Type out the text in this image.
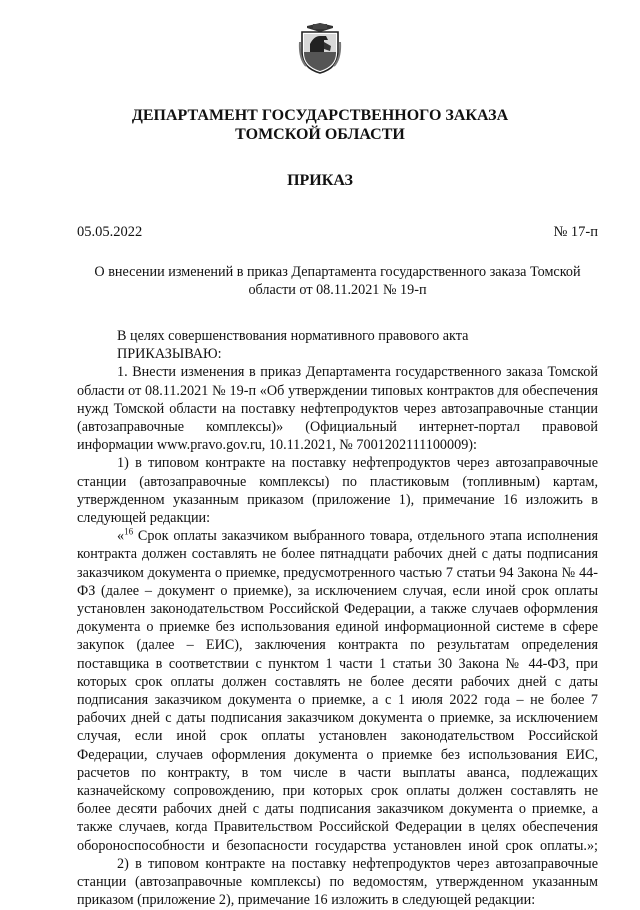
ДЕПАРТАМЕНТ ГОСУДАРСТВЕННОГО ЗАКАЗА
ТОМСКОЙ ОБЛАСТИ
ПРИКАЗ
05.05.2022	№ 17-п
О внесении изменений в приказ Департамента государственного заказа Томской
области от 08.11.2021 № 19-п

В целях совершенствования нормативного правового акта

ПРИКАЗЫВАЮ:

1. Внести изменения в приказ Департамента государственного заказа Томской области от 08.11.2021 № 19-п «Об утверждении типовых контрактов для обеспечения нужд Томской области на поставку нефтепродуктов через автозаправочные станции (автозаправочные комплексы)» (Официальный интернет-портал правовой информации www.pravo.gov.ru, 10.11.2021, № 7001202111100009):

1) в типовом контракте на поставку нефтепродуктов через автозаправочные станции (автозаправочные комплексы) по пластиковым (топливным) картам, утвержденном указанным приказом (приложение 1), примечание 16 изложить в следующей редакции:

«$^{16}$ Срок оплаты заказчиком выбранного товара, отдельного этапа исполнения контракта должен составлять не более пятнадцати рабочих дней с даты подписания заказчиком документа о приемке, предусмотренного частью 7 статьи 94 Закона № 44-ФЗ (далее – документ о приемке), за исключением случая, если иной срок оплаты установлен законодательством Российской Федерации, а также случаев оформления документа о приемке без использования единой информационной системе в сфере закупок (далее – ЕИС), заключения контракта по результатам определения поставщика в соответствии с пунктом 1 части 1 статьи 30 Закона № 44-ФЗ, при которых срок оплаты должен составлять не более десяти рабочих дней с даты подписания заказчиком документа о приемке, а с 1 июля 2022 года – не более 7 рабочих дней с даты подписания заказчиком документа о приемке, за исключением случая, если иной срок оплаты установлен законодательством Российской Федерации, случаев оформления документа о приемке без использования ЕИС, расчетов по контракту, в том числе в части выплаты аванса, подлежащих казначейскому сопровождению, при которых срок оплаты должен составлять не более десяти рабочих дней с даты подписания заказчиком документа о приемке, а также случаев, когда Правительством Российской Федерации в целях обеспечения обороноспособности и безопасности государства установлен иной срок оплаты.»;

2) в типовом контракте на поставку нефтепродуктов через автозаправочные станции (автозаправочные комплексы) по ведомостям, утвержденном указанным приказом (приложение 2), примечание 16 изложить в следующей редакции:
